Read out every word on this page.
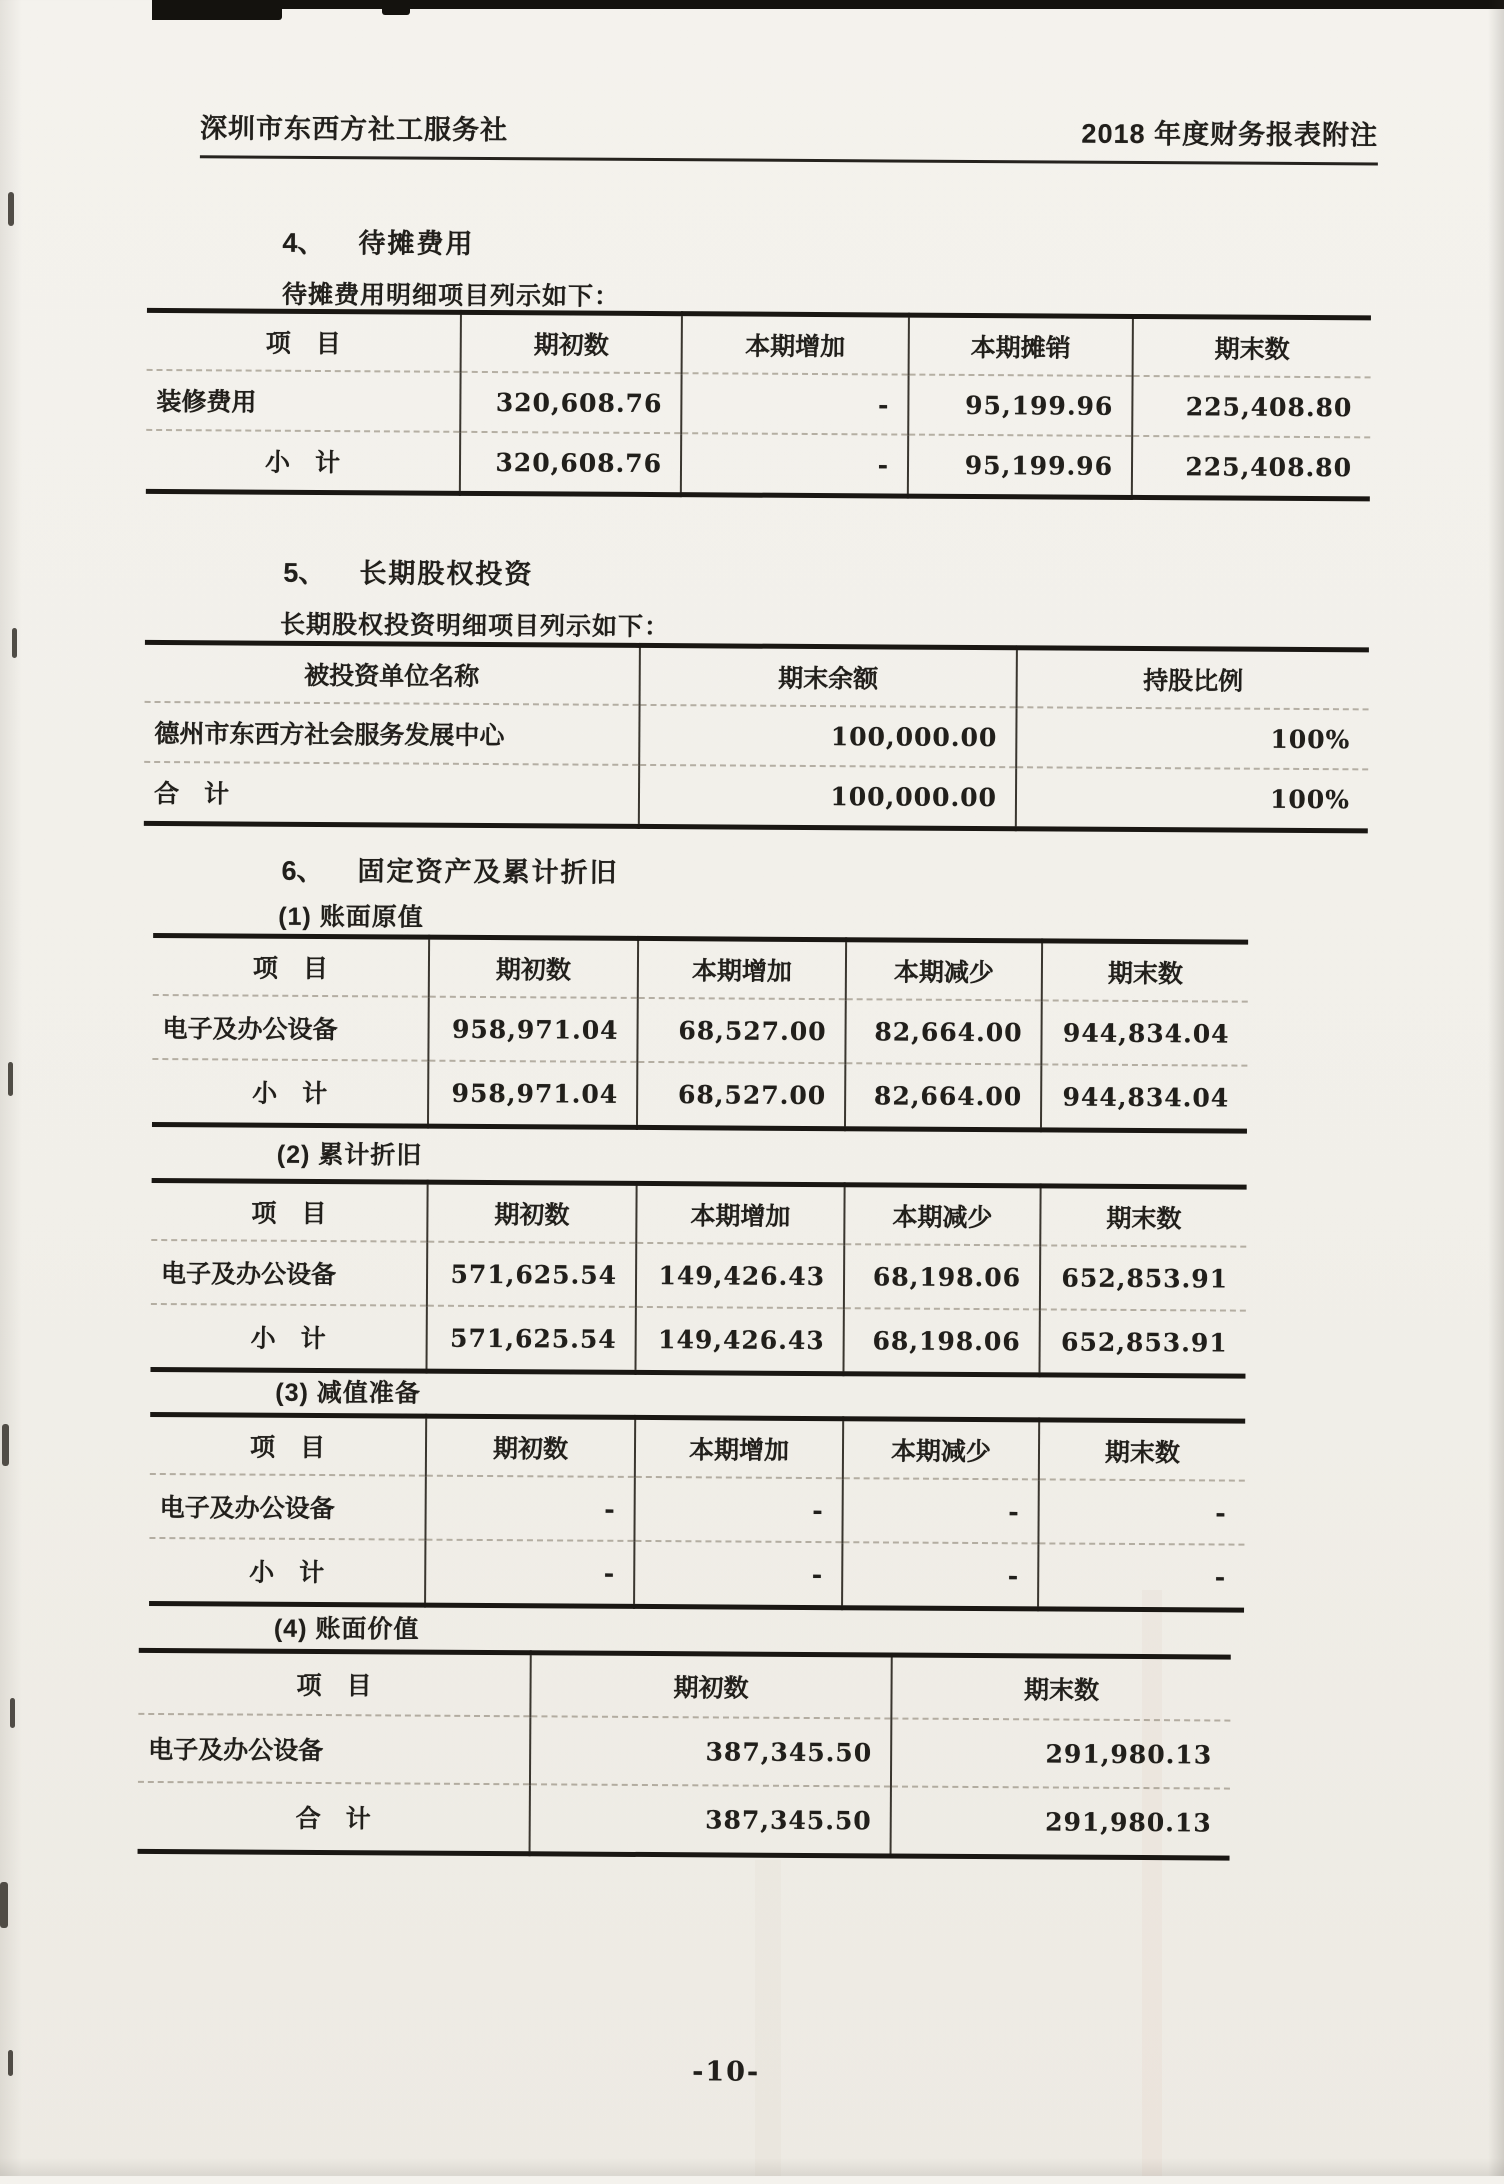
深圳市东西方社工服务社	2018 年度财务报表附注
4、 待摊费用
待摊费用明细项目列示如下：
项　目	期初数	本期增加	本期摊销	期末数
装修费用	320,608.76	-	95,199.96	225,408.80
小　计	320,608.76	-	95,199.96	225,408.80
5、 长期股权投资
长期股权投资明细项目列示如下：
被投资单位名称	期末余额	持股比例
德州市东西方社会服务发展中心	100,000.00	100%
合　计	100,000.00	100%
6、 固定资产及累计折旧
(1) 账面原值
项　目	期初数	本期增加	本期减少	期末数
电子及办公设备	958,971.04	68,527.00	82,664.00	944,834.04
小　计	958,971.04	68,527.00	82,664.00	944,834.04
(2) 累计折旧
项　目	期初数	本期增加	本期减少	期末数
电子及办公设备	571,625.54	149,426.43	68,198.06	652,853.91
小　计	571,625.54	149,426.43	68,198.06	652,853.91
(3) 减值准备
项　目	期初数	本期增加	本期减少	期末数
电子及办公设备	-	-	-	-
小　计	-	-	-	-
(4) 账面价值
项　目	期初数	期末数
电子及办公设备	387,345.50	291,980.13
合　计	387,345.50	291,980.13
-10-
